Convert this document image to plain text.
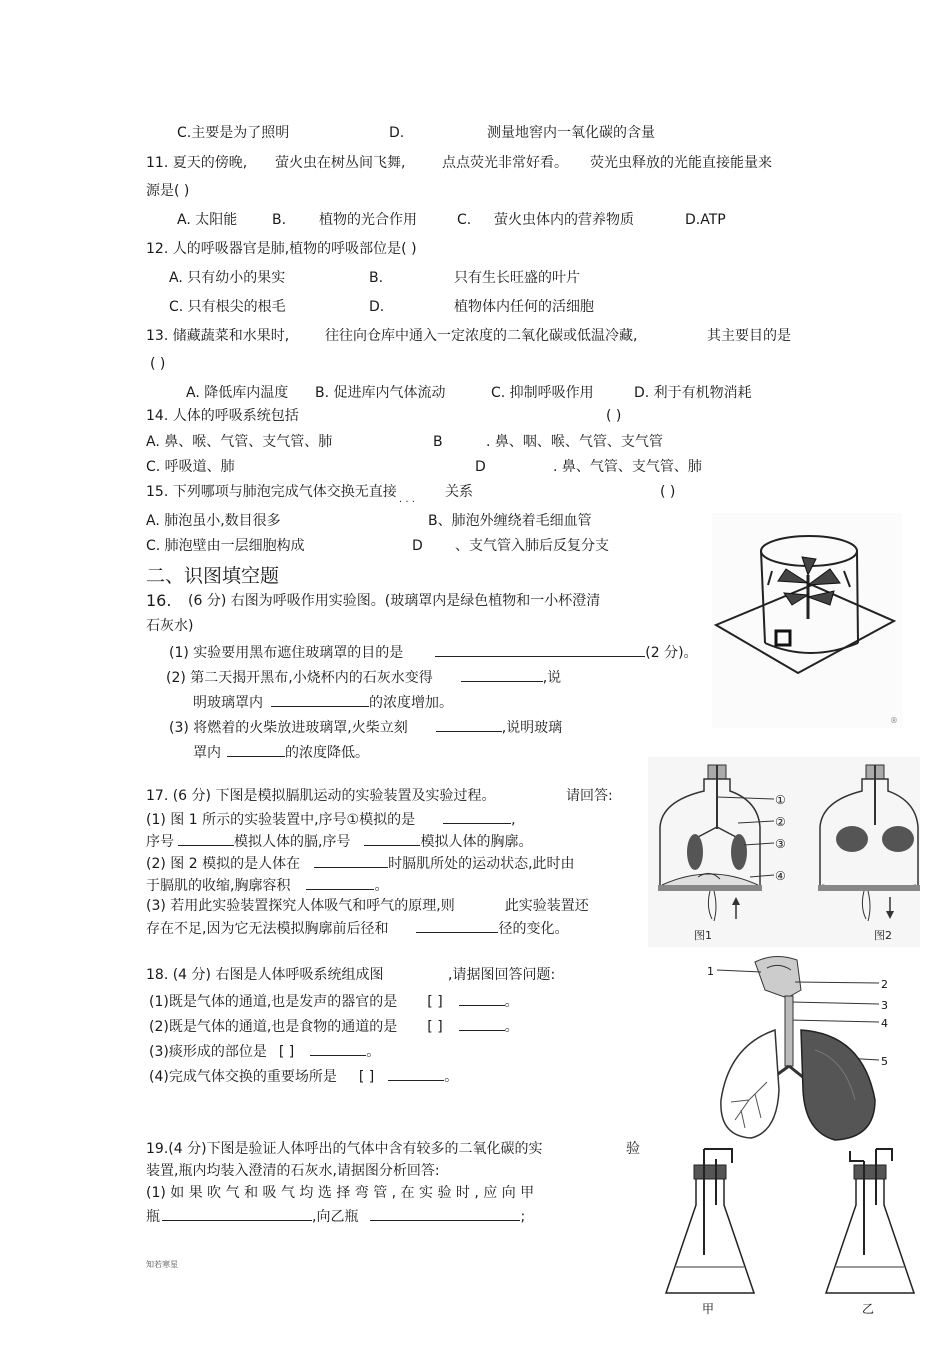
C.主要是为了照明	D.	测量地窖内一氧化碳的含量
11. 夏天的傍晚, 萤火虫在树丛间飞舞,	点点荧光非常好看。 荧光虫释放的光能直接能量来
源是( )
A. 太阳能 B. 植物的光合作用	C. 萤火虫体内的营养物质	D.ATP
12. 人的呼吸器官是肺,植物的呼吸部位是( )
A. 只有幼小的果实	B.	只有生长旺盛的叶片
C. 只有根尖的根毛	D.	植物体内任何的活细胞
13. 储藏蔬菜和水果时,	往往向仓库中通入一定浓度的二氧化碳或低温冷藏,	其主要目的是
( )
A. 降低库内温度 B. 促进库内气体流动	C. 抑制呼吸作用	D. 利于有机物消耗
14. 人体的呼吸系统包括	( )
A. 鼻、喉、气管、支气管、肺	B	. 鼻、咽、喉、气管、支气管
C. 呼吸道、肺	D	. 鼻、气管、支气管、肺
15. 下列哪项与肺泡完成气体交换无直接 . . . 关系	( )
A. 肺泡虽小,数目很多	B、肺泡外缠绕着毛细血管
C. 肺泡壁由一层细胞构成	D 、支气管入肺后反复分支
二、识图填空题
16. (6 分) 右图为呼吸作用实验图。(玻璃罩内是绿色植物和一小杯澄清
石灰水)
(1) 实验要用黑布遮住玻璃罩的目的是	(2 分)。
(2) 第二天揭开黑布,小烧杯内的石灰水变得	,说
明玻璃罩内	的浓度增加。
(3) 将燃着的火柴放进玻璃罩,火柴立刻	,说明玻璃
罩内	的浓度降低。
®
17. (6 分) 下图是模拟膈肌运动的实验装置及实验过程。	请回答:
(1) 图 1 所示的实验装置中,序号①模拟的是	,
序号	模拟人体的膈,序号	模拟人体的胸廓。
(2) 图 2 模拟的是人体在	时膈肌所处的运动状态,此时由
于膈肌的收缩,胸廓容积	。
(3) 若用此实验装置探究人体吸气和呼气的原理,则	此实验装置还
存在不足,因为它无法模拟胸廓前后径和	径的变化。
①
②
③
④
图1	图2
18. (4 分) 右图是人体呼吸系统组成图	,请据图回答问题:
(1)既是气体的通道,也是发声的器官的是 [ ]	。
(2)既是气体的通道,也是食物的通道的是 [ ]	。
(3)痰形成的部位是 [ ]	。
(4)完成气体交换的重要场所是 [ ]	。
1
2
3
4
5
19.(4 分)下图是验证人体呼出的气体中含有较多的二氧化碳的实	验
装置,瓶内均装入澄清的石灰水,请据图分析回答:
(1) 如 果 吹 气 和 吸 气 均 选 择 弯 管 , 在 实 验 时 , 应 向 甲
瓶	,向乙瓶	;
甲	乙
知若寒星
